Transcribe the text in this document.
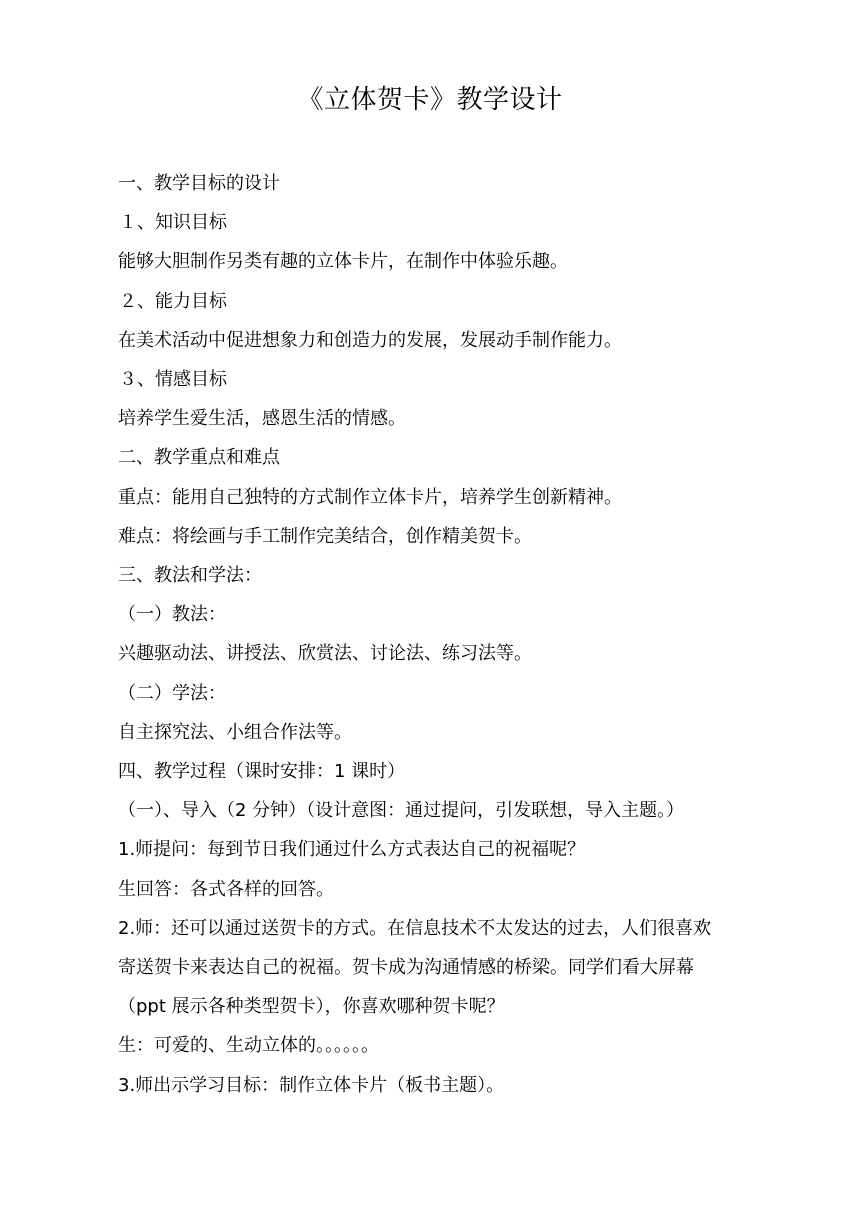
《立体贺卡》教学设计
一、教学目标的设计
１、知识目标
能够大胆制作另类有趣的立体卡片，在制作中体验乐趣。
２、能力目标
在美术活动中促进想象力和创造力的发展，发展动手制作能力。
３、情感目标
培养学生爱生活，感恩生活的情感。
二、教学重点和难点
重点：能用自己独特的方式制作立体卡片，培养学生创新精神。
难点：将绘画与手工制作完美结合，创作精美贺卡。
三、教法和学法：
（一）教法：
兴趣驱动法、讲授法、欣赏法、讨论法、练习法等。
（二）学法：
自主探究法、小组合作法等。
四、教学过程（课时安排：1 课时）
（一）、导入（2 分钟）（设计意图：通过提问，引发联想，导入主题。）
1.师提问：每到节日我们通过什么方式表达自己的祝福呢？
生回答：各式各样的回答。
2.师：还可以通过送贺卡的方式。在信息技术不太发达的过去，人们很喜欢
寄送贺卡来表达自己的祝福。贺卡成为沟通情感的桥梁。同学们看大屏幕
（ppt 展示各种类型贺卡），你喜欢哪种贺卡呢？
生：可爱的、生动立体的。。。。。。
3.师出示学习目标：制作立体卡片（板书主题）。
